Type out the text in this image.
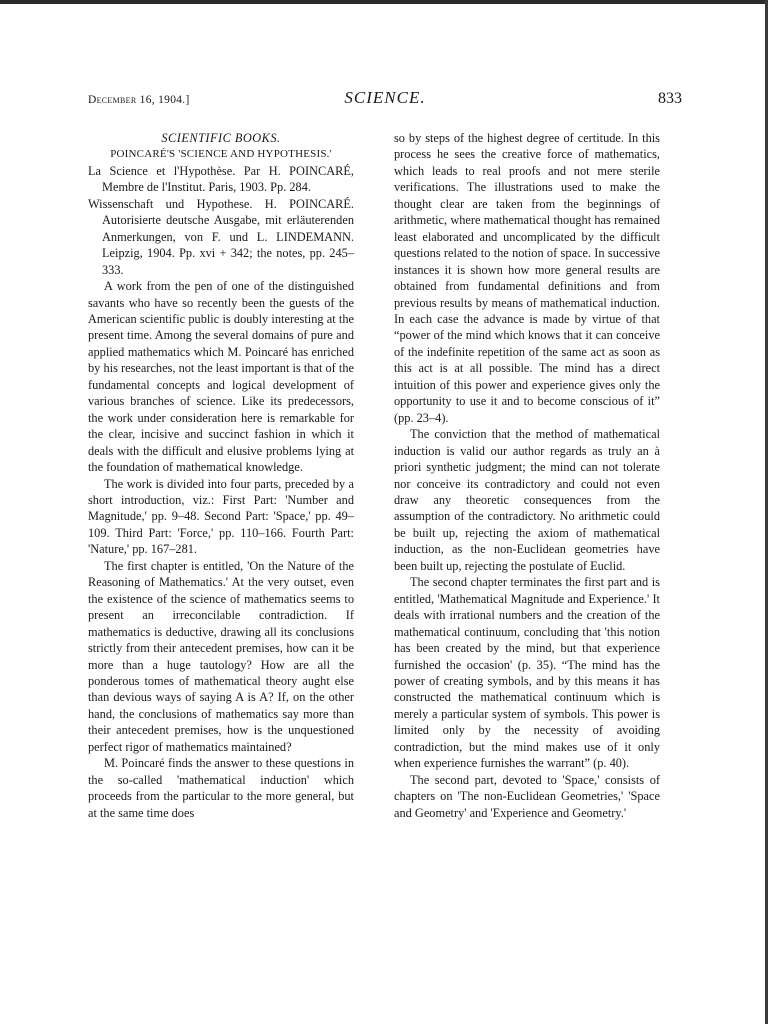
December 16, 1904.]	SCIENCE.	833

SCIENTIFIC BOOKS.

POINCARÉ'S 'SCIENCE AND HYPOTHESIS.'

La Science et l'Hypothèse. Par H. POINCARÉ, Membre de l'Institut. Paris, 1903. Pp. 284.

Wissenschaft und Hypothese. H. POINCARÉ. Autorisierte deutsche Ausgabe, mit erläuterenden Anmerkungen, von F. und L. LINDEMANN. Leipzig, 1904. Pp. xvi + 342; the notes, pp. 245–333.

A work from the pen of one of the distinguished savants who have so recently been the guests of the American scientific public is doubly interesting at the present time. Among the several domains of pure and applied mathematics which M. Poincaré has enriched by his researches, not the least important is that of the fundamental concepts and logical development of various branches of science. Like its predecessors, the work under consideration here is remarkable for the clear, incisive and succinct fashion in which it deals with the difficult and elusive problems lying at the foundation of mathematical knowledge.

The work is divided into four parts, preceded by a short introduction, viz.: First Part: 'Number and Magnitude,' pp. 9–48. Second Part: 'Space,' pp. 49–109. Third Part: 'Force,' pp. 110–166. Fourth Part: 'Nature,' pp. 167–281.

The first chapter is entitled, 'On the Nature of the Reasoning of Mathematics.' At the very outset, even the existence of the science of mathematics seems to present an irreconcilable contradiction. If mathematics is deductive, drawing all its conclusions strictly from their antecedent premises, how can it be more than a huge tautology? How are all the ponderous tomes of mathematical theory aught else than devious ways of saying A is A? If, on the other hand, the conclusions of mathematics say more than their antecedent premises, how is the unquestioned perfect rigor of mathematics maintained?

M. Poincaré finds the answer to these questions in the so-called 'mathematical induction' which proceeds from the particular to the more general, but at the same time does

so by steps of the highest degree of certitude. In this process he sees the creative force of mathematics, which leads to real proofs and not mere sterile verifications. The illustrations used to make the thought clear are taken from the beginnings of arithmetic, where mathematical thought has remained least elaborated and uncomplicated by the difficult questions related to the notion of space. In successive instances it is shown how more general results are obtained from fundamental definitions and from previous results by means of mathematical induction. In each case the advance is made by virtue of that “power of the mind which knows that it can conceive of the indefinite repetition of the same act as soon as this act is at all possible. The mind has a direct intuition of this power and experience gives only the opportunity to use it and to become conscious of it” (pp. 23–4).

The conviction that the method of mathematical induction is valid our author regards as truly an à priori synthetic judgment; the mind can not tolerate nor conceive its contradictory and could not even draw any theoretic consequences from the assumption of the contradictory. No arithmetic could be built up, rejecting the axiom of mathematical induction, as the non-Euclidean geometries have been built up, rejecting the postulate of Euclid.

The second chapter terminates the first part and is entitled, 'Mathematical Magnitude and Experience.' It deals with irrational numbers and the creation of the mathematical continuum, concluding that 'this notion has been created by the mind, but that experience furnished the occasion' (p. 35). “The mind has the power of creating symbols, and by this means it has constructed the mathematical continuum which is merely a particular system of symbols. This power is limited only by the necessity of avoiding contradiction, but the mind makes use of it only when experience furnishes the warrant” (p. 40).

The second part, devoted to 'Space,' consists of chapters on 'The non-Euclidean Geometries,' 'Space and Geometry' and 'Experience and Geometry.'
